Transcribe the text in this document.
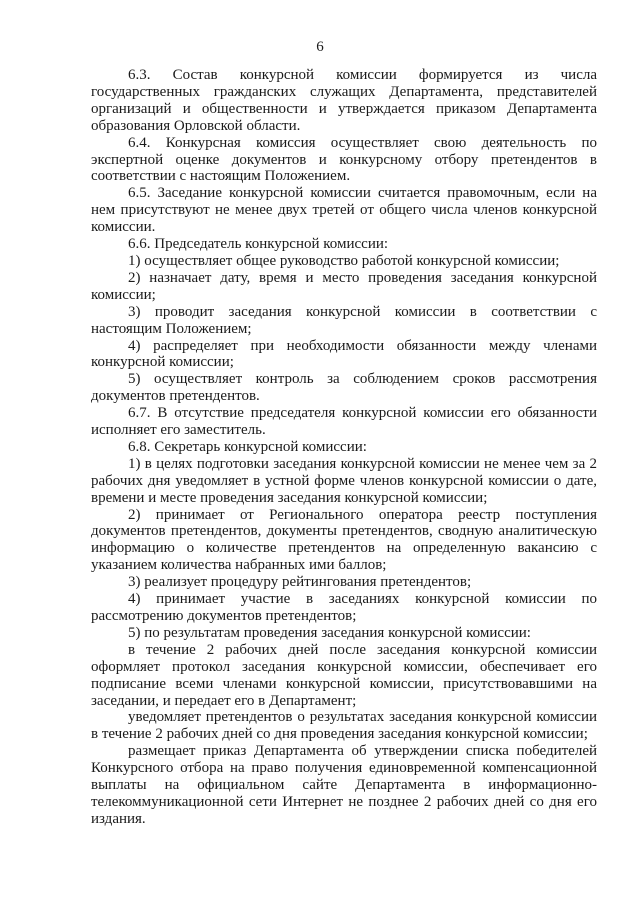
6

6.3. Состав конкурсной комиссии формируется из числа государственных гражданских служащих Департамента, представителей организаций и общественности и утверждается приказом Департамента образования Орловской области.

6.4. Конкурсная комиссия осуществляет свою деятельность по экспертной оценке документов и конкурсному отбору претендентов в соответствии с настоящим Положением.

6.5. Заседание конкурсной комиссии считается правомочным, если на нем присутствуют не менее двух третей от общего числа членов конкурсной комиссии.

6.6. Председатель конкурсной комиссии:

1) осуществляет общее руководство работой конкурсной комиссии;

2) назначает дату, время и место проведения заседания конкурсной комиссии;

3) проводит заседания конкурсной комиссии в соответствии с настоящим Положением;

4) распределяет при необходимости обязанности между членами конкурсной комиссии;

5) осуществляет контроль за соблюдением сроков рассмотрения документов претендентов.

6.7. В отсутствие председателя конкурсной комиссии его обязанности исполняет его заместитель.

6.8. Секретарь конкурсной комиссии:

1) в целях подготовки заседания конкурсной комиссии не менее чем за 2 рабочих дня уведомляет в устной форме членов конкурсной комиссии о дате, времени и месте проведения заседания конкурсной комиссии;

2) принимает от Регионального оператора реестр поступления документов претендентов, документы претендентов, сводную аналитическую информацию о количестве претендентов на определенную вакансию с указанием количества набранных ими баллов;

3) реализует процедуру рейтингования претендентов;

4) принимает участие в заседаниях конкурсной комиссии по рассмотрению документов претендентов;

5) по результатам проведения заседания конкурсной комиссии:

в течение 2 рабочих дней после заседания конкурсной комиссии оформляет протокол заседания конкурсной комиссии, обеспечивает его подписание всеми членами конкурсной комиссии, присутствовавшими на заседании, и передает его в Департамент;

уведомляет претендентов о результатах заседания конкурсной комиссии в течение 2 рабочих дней со дня проведения заседания конкурсной комиссии;

размещает приказ Департамента об утверждении списка победителей Конкурсного отбора на право получения единовременной компенсационной выплаты на официальном сайте Департамента в информационно-телекоммуникационной сети Интернет не позднее 2 рабочих дней со дня его издания.
